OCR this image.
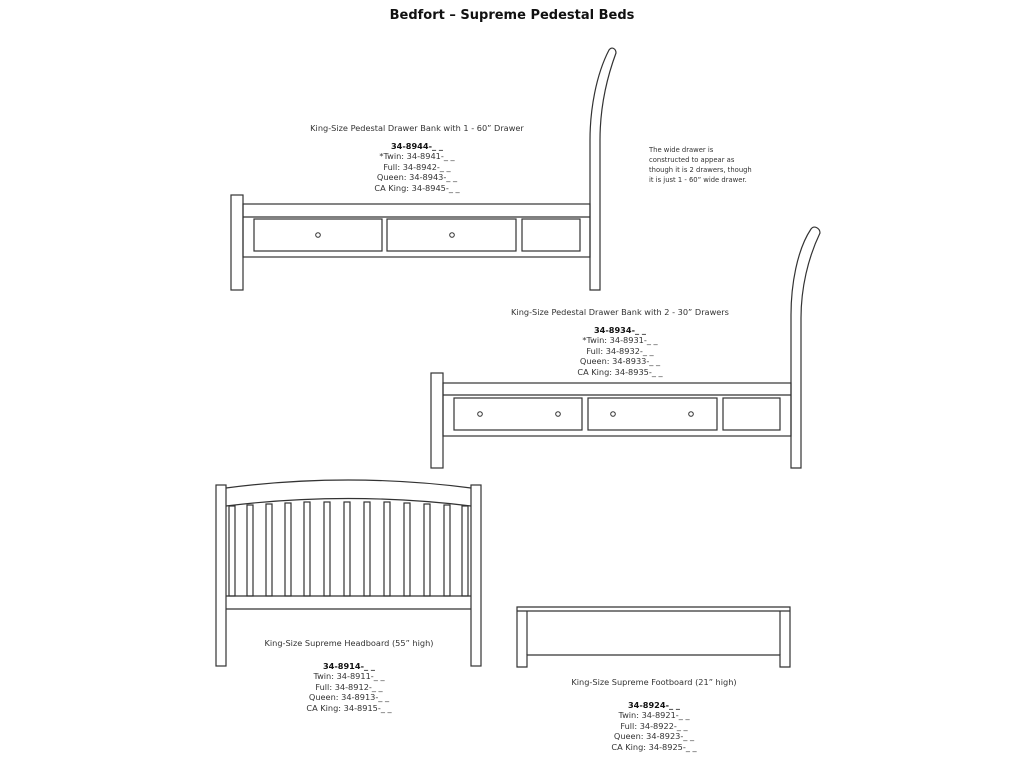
Bedfort – Supreme Pedestal Beds
King-Size Pedestal Drawer Bank with 1 - 60” Drawer
34-8944-_ _
*Twin: 34-8941-_ _
Full: 34-8942-_ _
Queen: 34-8943-_ _
CA King: 34-8945-_ _
The wide drawer is constructed to appear as though it is 2 drawers, though it is just 1 - 60” wide drawer.
King-Size Pedestal Drawer Bank with 2 - 30” Drawers
34-8934-_ _
*Twin: 34-8931-_ _
Full: 34-8932-_ _
Queen: 34-8933-_ _
CA King: 34-8935-_ _
King-Size Supreme Headboard (55” high)
34-8914-_ _
Twin: 34-8911-_ _
Full: 34-8912-_ _
Queen: 34-8913-_ _
CA King: 34-8915-_ _
King-Size Supreme Footboard (21” high)
34-8924-_ _
Twin: 34-8921-_ _
Full: 34-8922-_ _
Queen: 34-8923-_ _
CA King: 34-8925-_ _
